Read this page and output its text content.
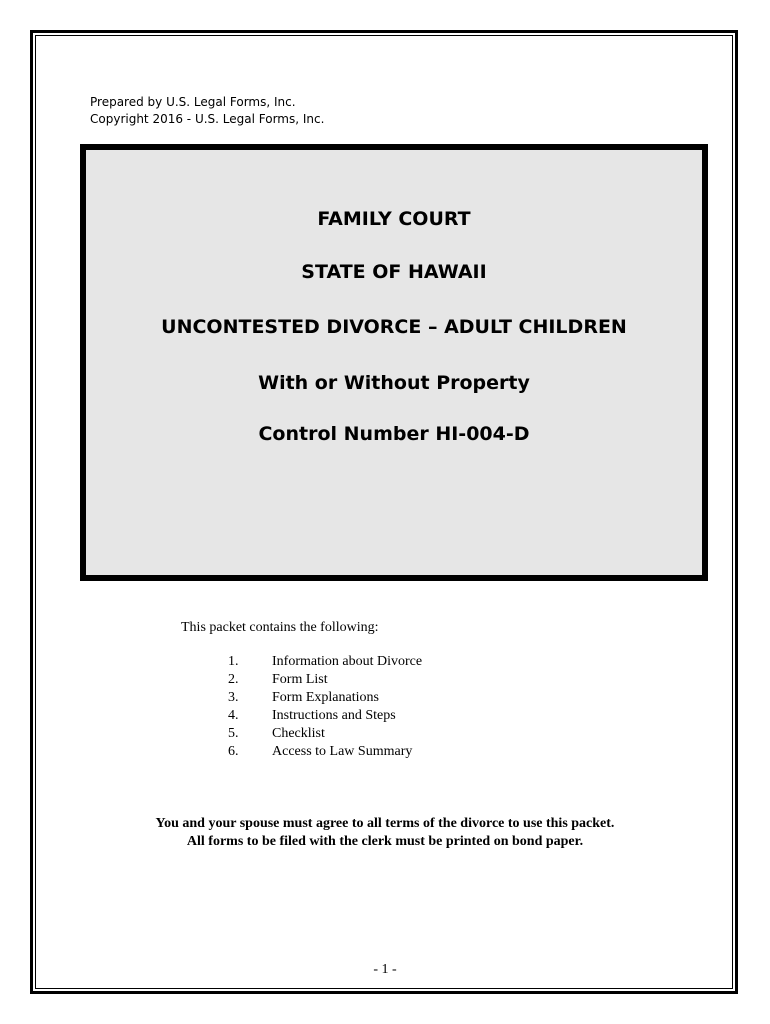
Prepared by U.S. Legal Forms, Inc.
Copyright 2016 - U.S. Legal Forms, Inc.
FAMILY COURT
STATE OF HAWAII
UNCONTESTED DIVORCE – ADULT CHILDREN
With or Without Property
Control Number HI-004-D
This packet contains the following:
1.	Information about Divorce
2.	Form List
3.	Form Explanations
4.	Instructions and Steps
5.	Checklist
6.	Access to Law Summary
You and your spouse must agree to all terms of the divorce to use this packet.
All forms to be filed with the clerk must be printed on bond paper.
- 1 -
